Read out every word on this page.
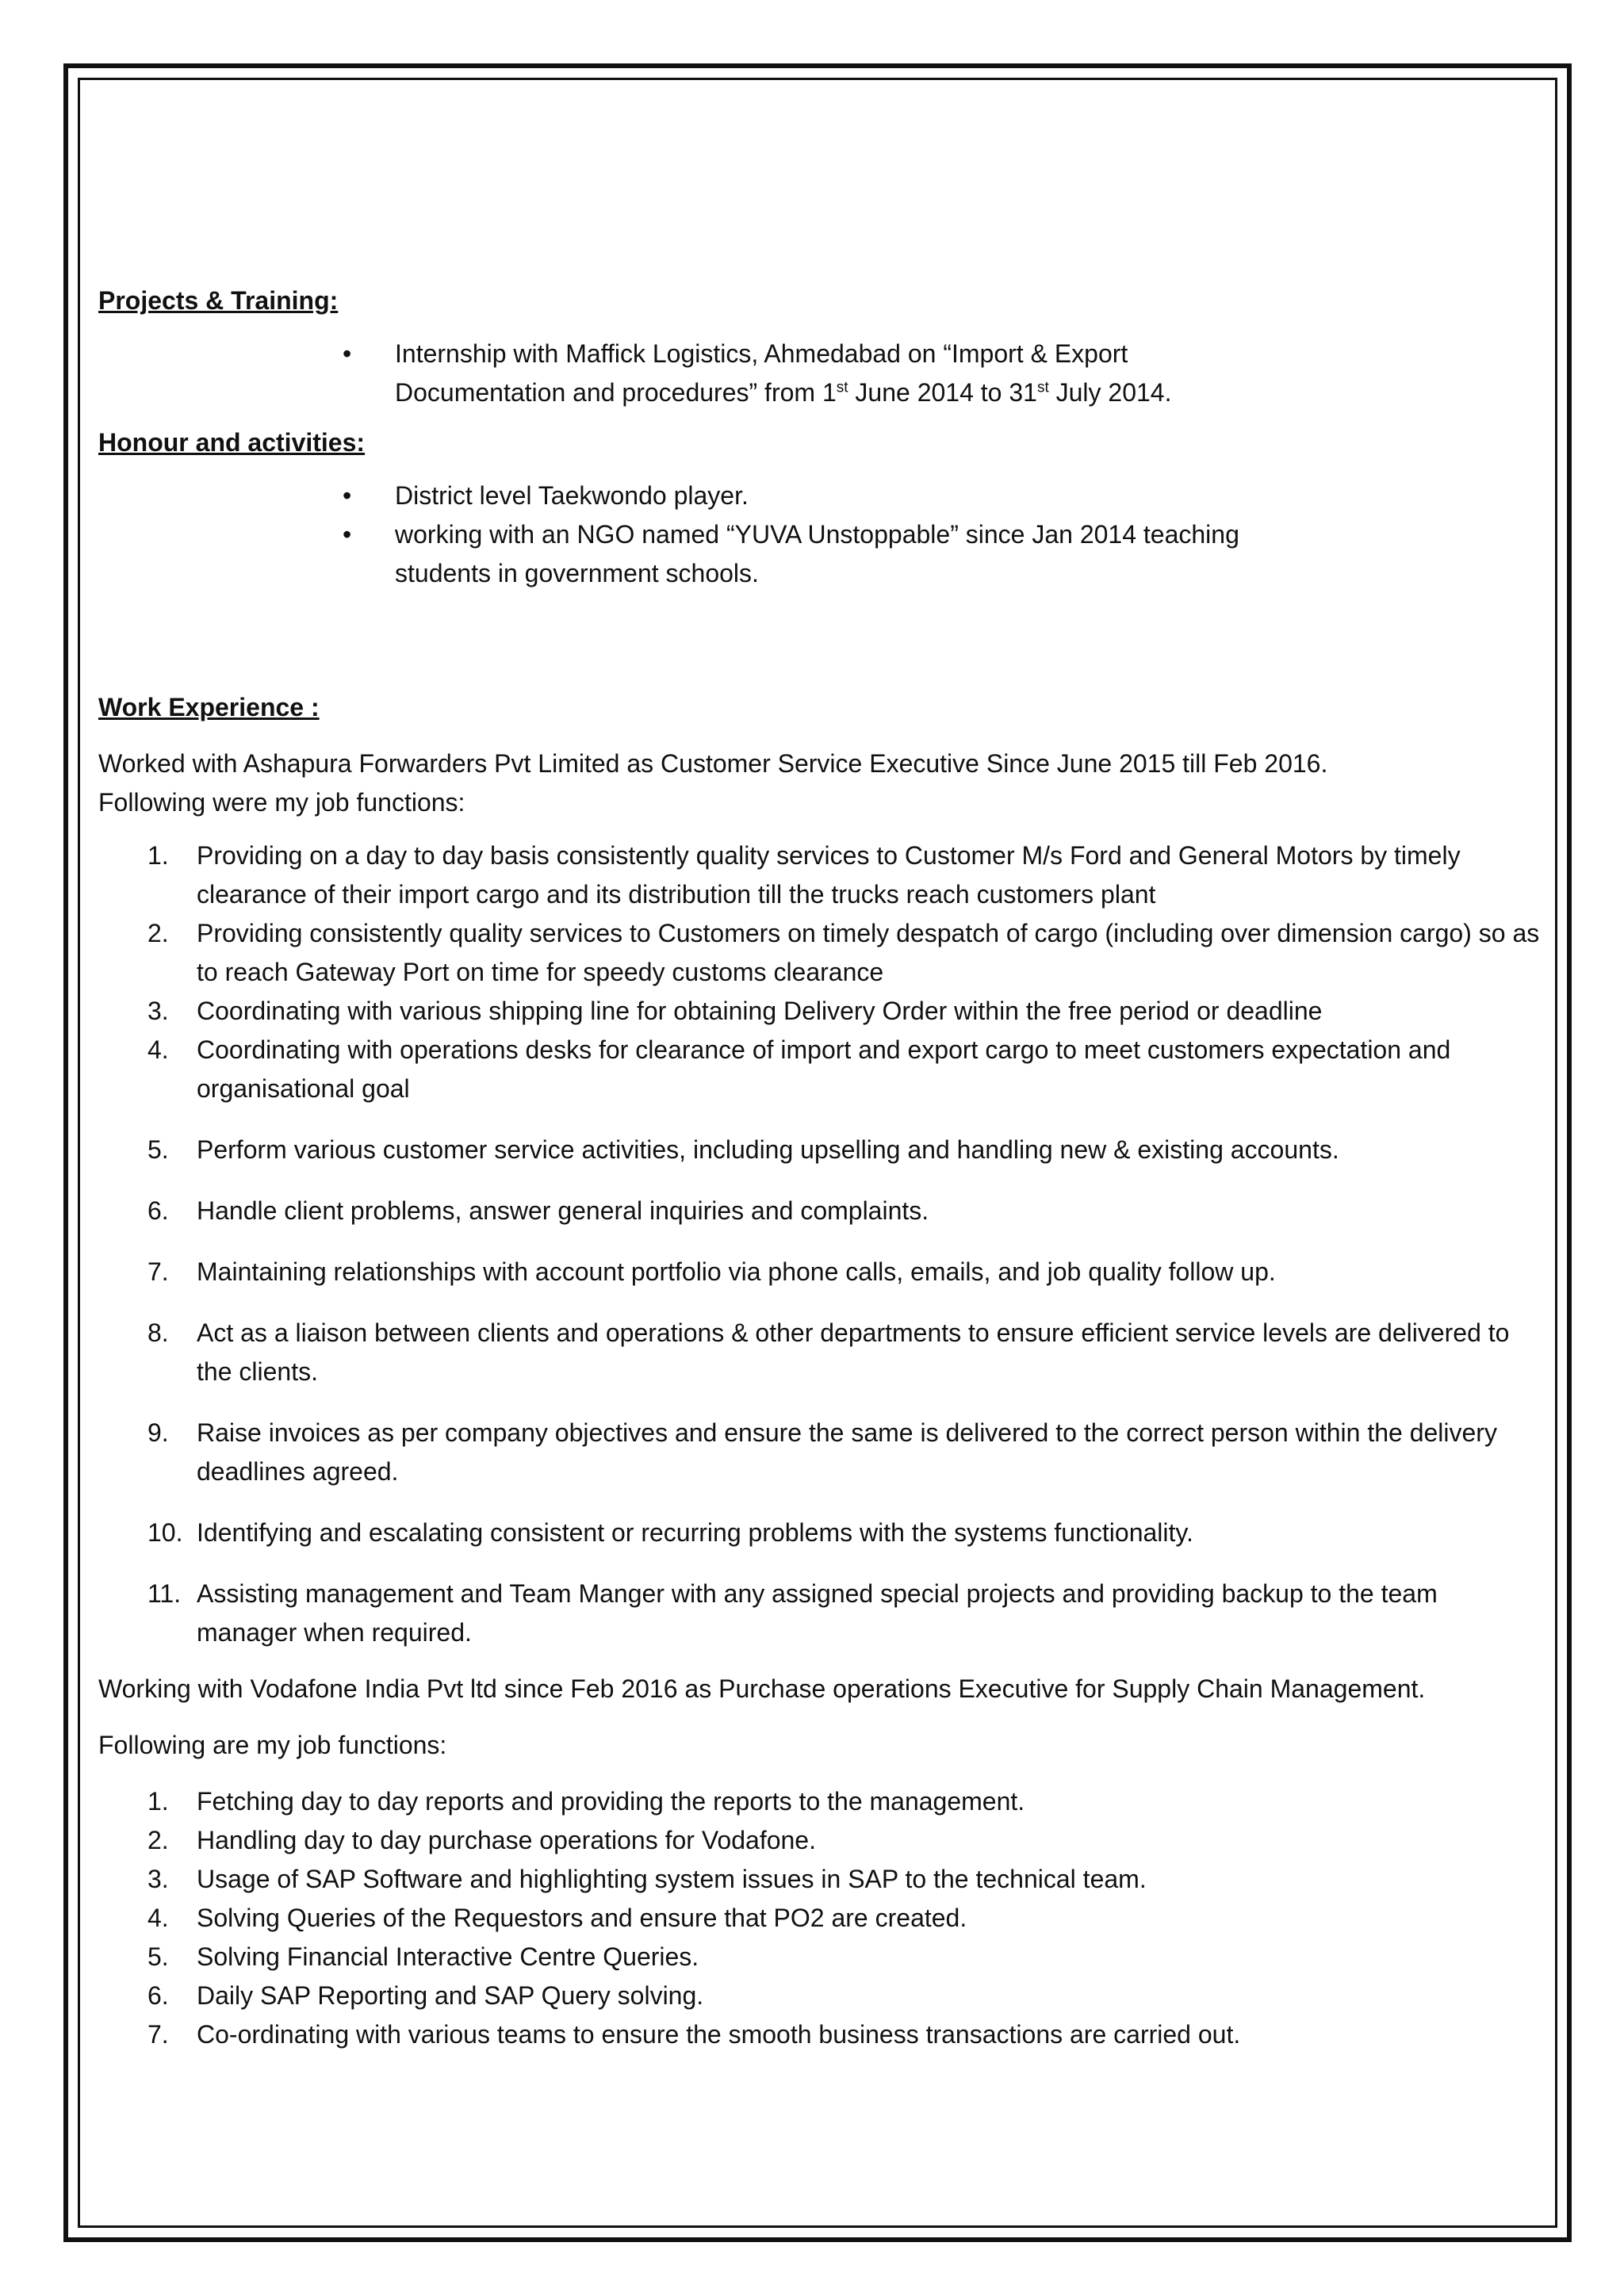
Projects & Training:

• Internship with Maffick Logistics, Ahmedabad on “Import & Export Documentation and procedures” from 1st June 2014 to 31st July 2014.

Honour and activities:

• District level Taekwondo player.
• working with an NGO named “YUVA Unstoppable” since Jan 2014 teaching students in government schools.

Work Experience :

Worked with Ashapura Forwarders Pvt Limited as Customer Service Executive Since June 2015 till Feb 2016.

Following were my job functions:

1. Providing on a day to day basis consistently quality services to Customer M/s Ford and General Motors by timely clearance of their import cargo and its distribution till the trucks reach customers plant
2. Providing consistently quality services to Customers on timely despatch of cargo (including over dimension cargo) so as to reach Gateway Port on time for speedy customs clearance
3. Coordinating with various shipping line for obtaining Delivery Order within the free period or deadline
4. Coordinating with operations desks for clearance of import and export cargo to meet customers expectation and organisational goal
5. Perform various customer service activities, including upselling and handling new & existing accounts.
6. Handle client problems, answer general inquiries and complaints.
7. Maintaining relationships with account portfolio via phone calls, emails, and job quality follow up.
8. Act as a liaison between clients and operations & other departments to ensure efficient service levels are delivered to the clients.
9. Raise invoices as per company objectives and ensure the same is delivered to the correct person within the delivery deadlines agreed.
10. Identifying and escalating consistent or recurring problems with the systems functionality.
11. Assisting management and Team Manger with any assigned special projects and providing backup to the team manager when required.

Working with Vodafone India Pvt ltd since Feb 2016 as Purchase operations Executive for Supply Chain Management.

Following are my job functions:

1. Fetching day to day reports and providing the reports to the management.
2. Handling day to day purchase operations for Vodafone.
3. Usage of SAP Software and highlighting system issues in SAP to the technical team.
4. Solving Queries of the Requestors and ensure that PO2 are created.
5. Solving Financial Interactive Centre Queries.
6. Daily SAP Reporting and SAP Query solving.
7. Co-ordinating with various teams to ensure the smooth business transactions are carried out.
